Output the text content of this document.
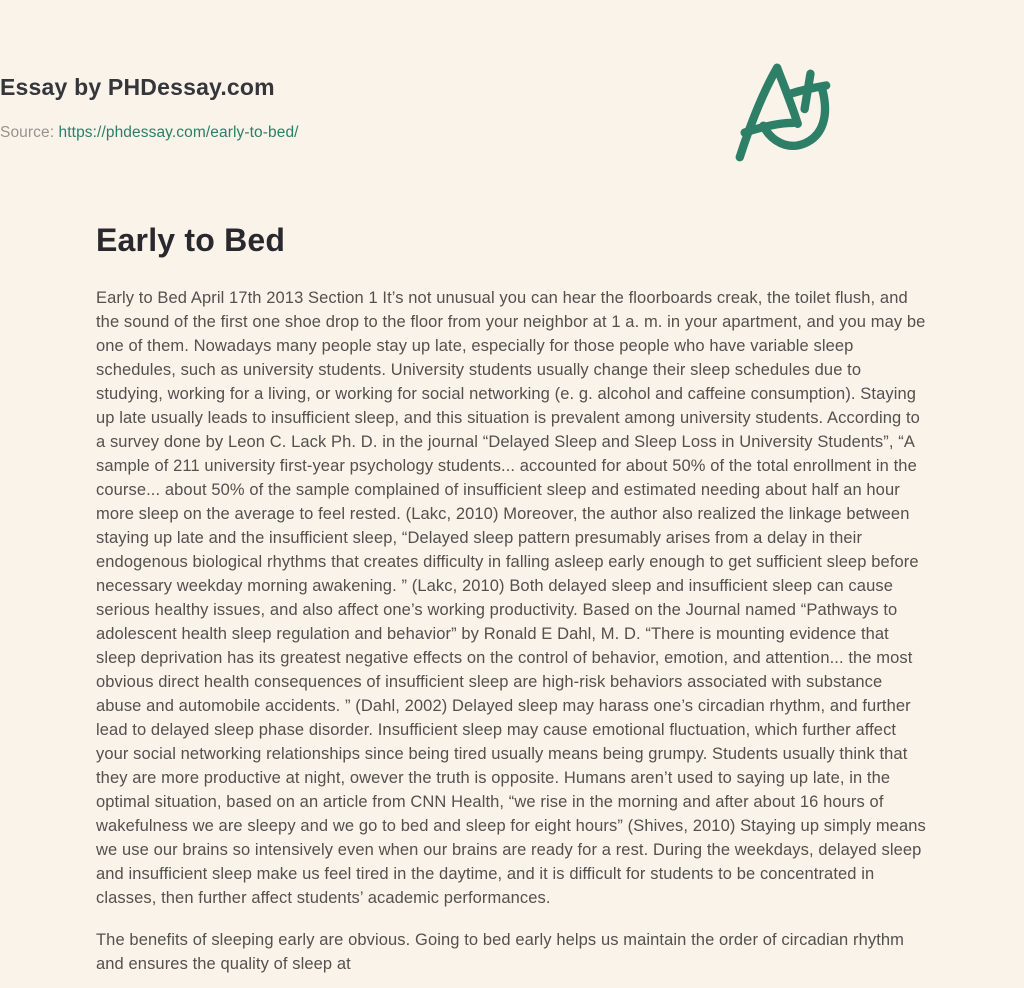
Essay by PHDessay.com
Source: https://phdessay.com/early-to-bed/
Early to Bed

Early to Bed April 17th 2013 Section 1 It’s not unusual you can hear the floorboards creak, the toilet flush, and the sound of the first one shoe drop to the floor from your neighbor at 1 a. m. in your apartment, and you may be one of them. Nowadays many people stay up late, especially for those people who have variable sleep schedules, such as university students. University students usually change their sleep schedules due to studying, working for a living, or working for social networking (e. g. alcohol and caffeine consumption). Staying up late usually leads to insufficient sleep, and this situation is prevalent among university students. According to a survey done by Leon C. Lack Ph. D. in the journal “Delayed Sleep and Sleep Loss in University Students”, “A sample of 211 university first-year psychology students... accounted for about 50% of the total enrollment in the course... about 50% of the sample complained of insufficient sleep and estimated needing about half an hour more sleep on the average to feel rested. (Lakc, 2010) Moreover, the author also realized the linkage between staying up late and the insufficient sleep, “Delayed sleep pattern presumably arises from a delay in their endogenous biological rhythms that creates difficulty in falling asleep early enough to get sufficient sleep before necessary weekday morning awakening. ” (Lakc, 2010) Both delayed sleep and insufficient sleep can cause serious healthy issues, and also affect one’s working productivity. Based on the Journal named “Pathways to adolescent health sleep regulation and behavior” by Ronald E Dahl, M. D. “There is mounting evidence that sleep deprivation has its greatest negative effects on the control of behavior, emotion, and attention... the most obvious direct health consequences of insufficient sleep are high-risk behaviors associated with substance abuse and automobile accidents. ” (Dahl, 2002) Delayed sleep may harass one’s circadian rhythm, and further lead to delayed sleep phase disorder. Insufficient sleep may cause emotional fluctuation, which further affect your social networking relationships since being tired usually means being grumpy. Students usually think that they are more productive at night, owever the truth is opposite. Humans aren’t used to saying up late, in the optimal situation, based on an article from CNN Health, “we rise in the morning and after about 16 hours of wakefulness we are sleepy and we go to bed and sleep for eight hours” (Shives, 2010) Staying up simply means we use our brains so intensively even when our brains are ready for a rest. During the weekdays, delayed sleep and insufficient sleep make us feel tired in the daytime, and it is difficult for students to be concentrated in classes, then further affect students’ academic performances.

The benefits of sleeping early are obvious. Going to bed early helps us maintain the order of circadian rhythm and ensures the quality of sleep at
